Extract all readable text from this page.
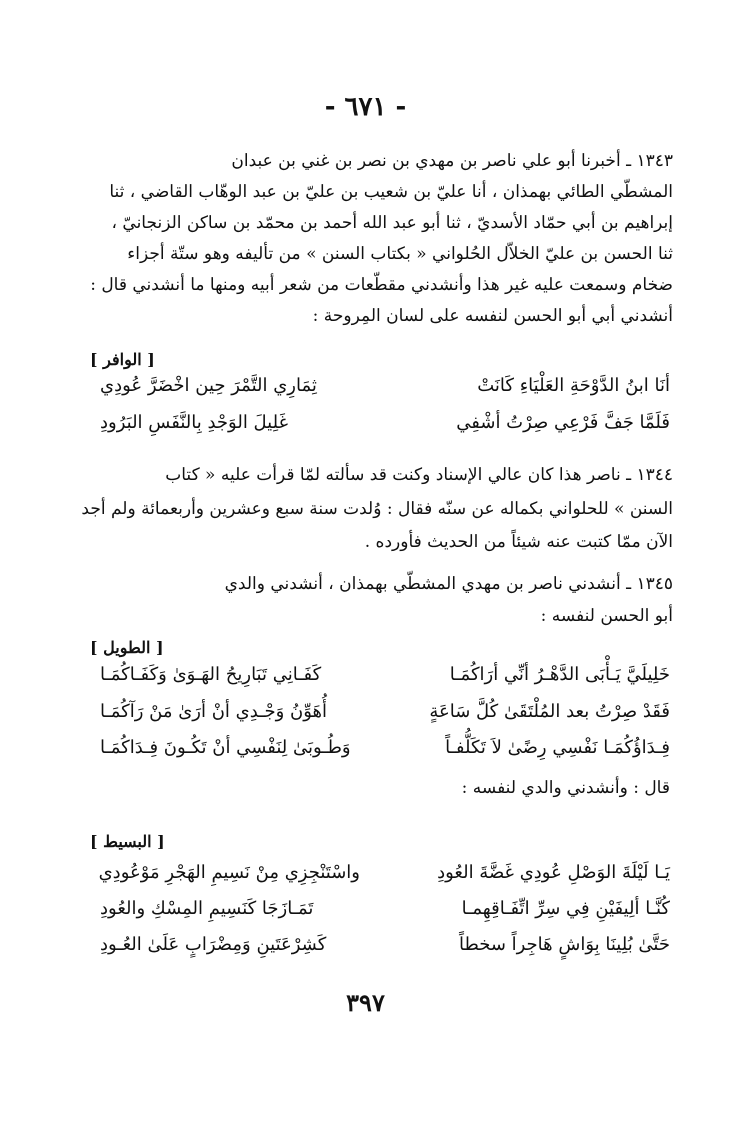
- ٦٧١ -
١٣٤٣ ـ أخبرنا أبو علي ناصر بن مهدي بن نصر بن غني بن عبدان
المشطّي الطائي بهمذان ، أنا عليّ بن شعيب بن عليّ بن عبد الوهّاب القاضي ، ثنا
إبراهيم بن أبي حمّاد الأسديّ ، ثنا أبو عبد الله أحمد بن محمّد بن ساكن الزنجانيّ ،
ثنا الحسن بن عليّ الخلاّل الحُلواني « بكتاب السنن » من تأليفه وهو ستّة أجزاء
ضخام وسمعت عليه غير هذا وأنشدني مقطّعات من شعر أبيه ومنها ما أنشدني قال :
أنشدني أبي أبو الحسن لنفسه على لسان المِروحة :
[ الوافر ]
أنَا ابنُ الدَّوْحَةِ العَلْيَاءِ كَانَتْ
ثِمَارِي التَّمْرَ حِين اخْضَرَّ عُودِي
فَلَمَّا جَفَّ فَرْعِي صِرْتُ أشْفِي
غَلِيلَ الوَجْدِ بِالنَّفَسِ البَرُودِ
١٣٤٤ ـ ناصر هذا كان عالي الإسناد وكنت قد سألته لمّا قرأت عليه « كتاب
السنن » للحلواني بكماله عن سنّه فقال : وُلدت سنة سبع وعشرين وأربعمائة ولم أجد
الآن ممّا كتبت عنه شيئاً من الحديث فأورده .
١٣٤٥ ـ أنشدني ناصر بن مهدي المشطّي بهمذان ، أنشدني والدي
أبو الحسن لنفسه :
[ الطويل ]
خَلِيلَيَّ يَـأْبَى الدَّهْـرُ أنِّي أرَاكُمَـا
كَفَـانِي تَبَارِيحُ الهَـوَىٰ وَكَفَـاكُمَـا
فَقَدْ صِرْتُ بعد المُلْتَقَىٰ كُلَّ سَاعَةٍ
أُهَوِّنُ وَجْـدِي أنْ أرَىٰ مَنْ رَآكُمَـا
فِـدَاؤُكُمَـا نَفْسِي رِضًىٰ لاَ تَكَلُّفـاً
وَطُـوبَىٰ لِنَفْسِي أنْ تَكُـونَ فِـدَاكُمَـا
قال : وأنشدني والدي لنفسه :
[ البسيط ]
يَـا لَيْلَةَ الوَصْلِ عُودِي غَضَّةَ العُودِ
واسْتَنْجِزِي مِنْ نَسِيمِ الهَجْرِ مَوْعُودِي
كُنَّـا ألِيفَيْنِ فِي سِرِّ اتِّفَـاقِهِمـا
تَمَـازَجَا كَنَسِيمِ المِسْكِ والعُودِ
حَتَّىٰ بُلِينَا بِوَاشٍ هَاجِراً سخطاً
كَشِرْعَتَينِ وَمِضْرَابٍ عَلَىٰ العُـودِ
٣٩٧
